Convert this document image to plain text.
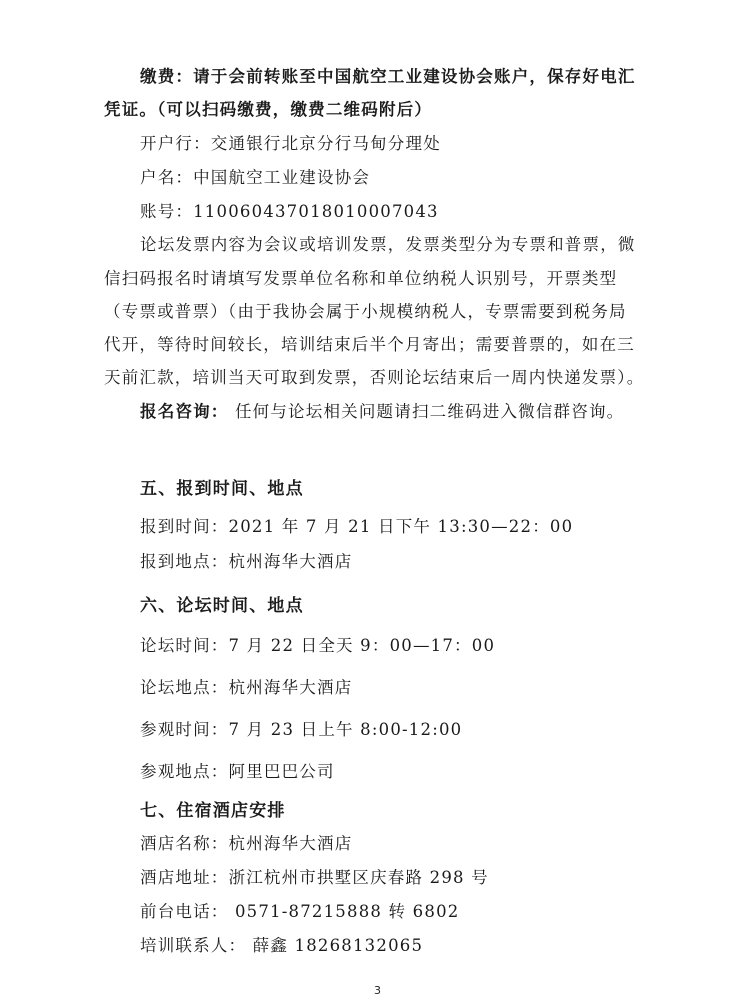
缴费：请于会前转账至中国航空工业建设协会账户，保存好电汇
凭证。（可以扫码缴费，缴费二维码附后）
开户行：交通银行北京分行马甸分理处
户名：中国航空工业建设协会
账号：110060437018010007043
论坛发票内容为会议或培训发票，发票类型分为专票和普票，微
信扫码报名时请填写发票单位名称和单位纳税人识别号，开票类型
（专票或普票）（由于我协会属于小规模纳税人，专票需要到税务局
代开，等待时间较长，培训结束后半个月寄出；需要普票的，如在三
天前汇款，培训当天可取到发票，否则论坛结束后一周内快递发票）。
报名咨询： 任何与论坛相关问题请扫二维码进入微信群咨询。
五、报到时间、地点
报到时间：2021 年 7 月 21 日下午 13:30—22：00
报到地点：杭州海华大酒店
六、论坛时间、地点
论坛时间：7 月 22 日全天 9：00—17：00
论坛地点：杭州海华大酒店
参观时间：7 月 23 日上午 8:00-12:00
参观地点：阿里巴巴公司
七、住宿酒店安排
酒店名称：杭州海华大酒店
酒店地址：浙江杭州市拱墅区庆春路 298 号
前台电话： 0571-87215888 转 6802
培训联系人： 薛鑫 18268132065
3
